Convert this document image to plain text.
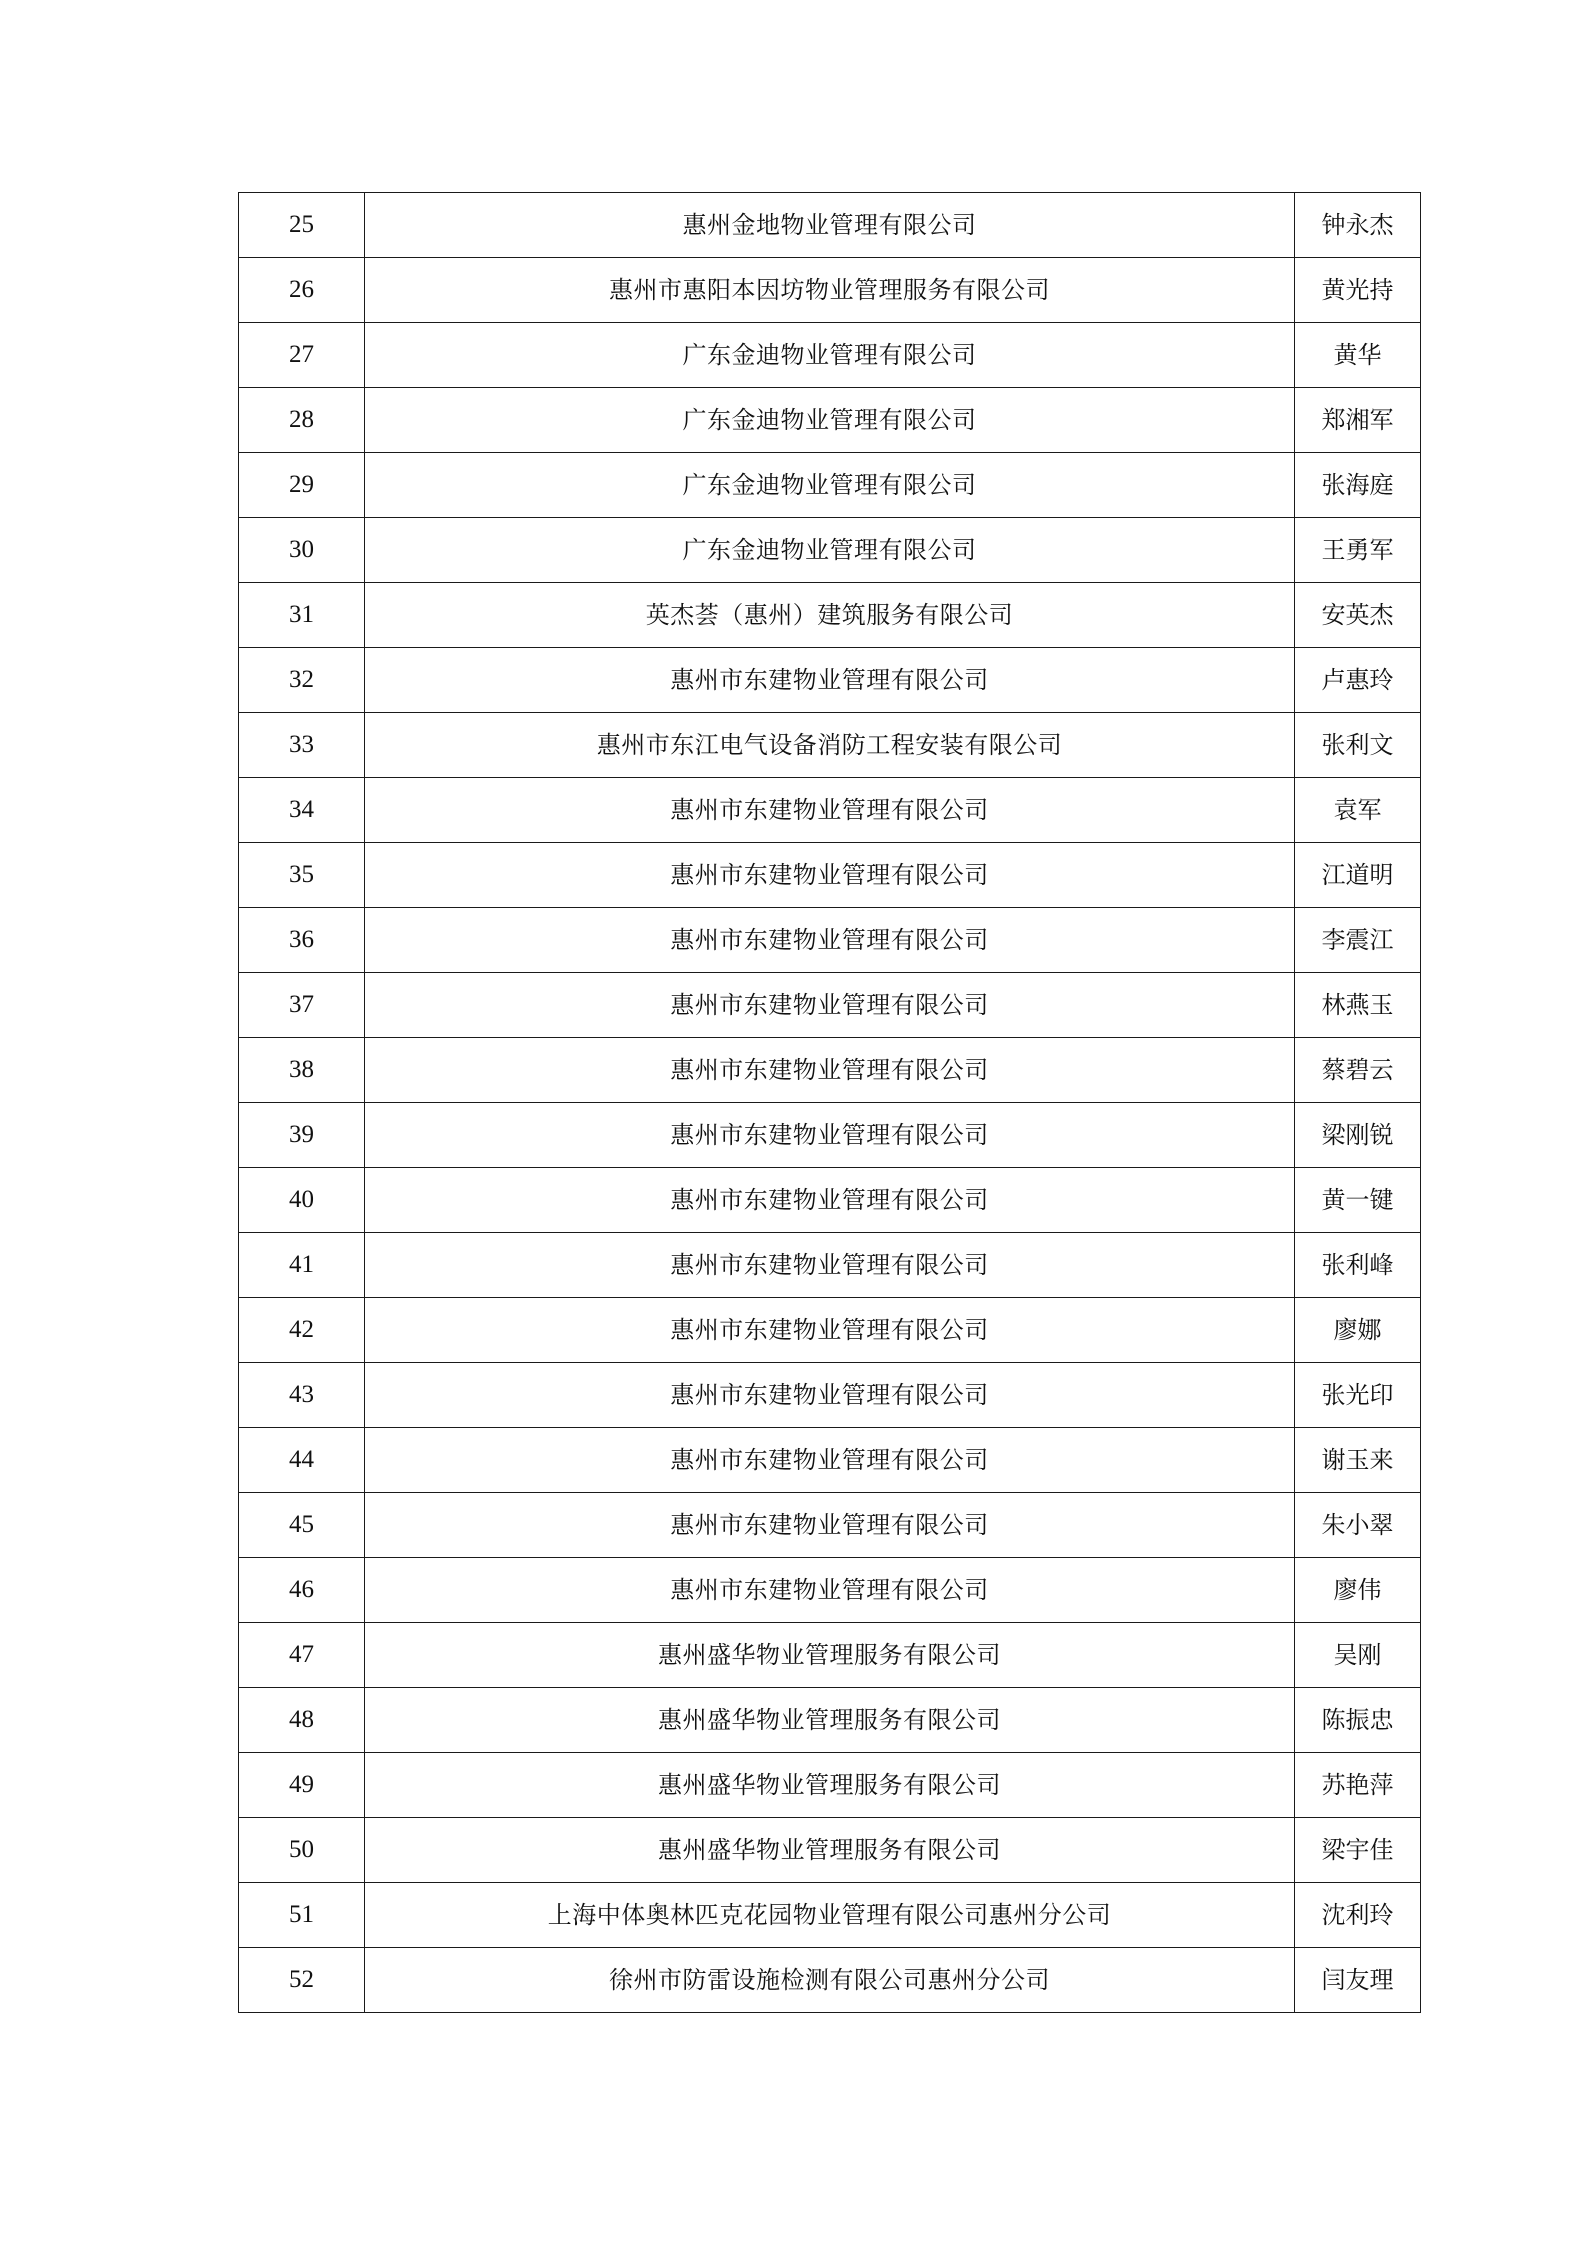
25	惠州金地物业管理有限公司	钟永杰
26	惠州市惠阳本因坊物业管理服务有限公司	黄光持
27	广东金迪物业管理有限公司	黄华
28	广东金迪物业管理有限公司	郑湘军
29	广东金迪物业管理有限公司	张海庭
30	广东金迪物业管理有限公司	王勇军
31	英杰荟（惠州）建筑服务有限公司	安英杰
32	惠州市东建物业管理有限公司	卢惠玲
33	惠州市东江电气设备消防工程安装有限公司	张利文
34	惠州市东建物业管理有限公司	袁军
35	惠州市东建物业管理有限公司	江道明
36	惠州市东建物业管理有限公司	李震江
37	惠州市东建物业管理有限公司	林燕玉
38	惠州市东建物业管理有限公司	蔡碧云
39	惠州市东建物业管理有限公司	梁刚锐
40	惠州市东建物业管理有限公司	黄一键
41	惠州市东建物业管理有限公司	张利峰
42	惠州市东建物业管理有限公司	廖娜
43	惠州市东建物业管理有限公司	张光印
44	惠州市东建物业管理有限公司	谢玉来
45	惠州市东建物业管理有限公司	朱小翠
46	惠州市东建物业管理有限公司	廖伟
47	惠州盛华物业管理服务有限公司	吴刚
48	惠州盛华物业管理服务有限公司	陈振忠
49	惠州盛华物业管理服务有限公司	苏艳萍
50	惠州盛华物业管理服务有限公司	梁宇佳
51	上海中体奥林匹克花园物业管理有限公司惠州分公司	沈利玲
52	徐州市防雷设施检测有限公司惠州分公司	闫友理
